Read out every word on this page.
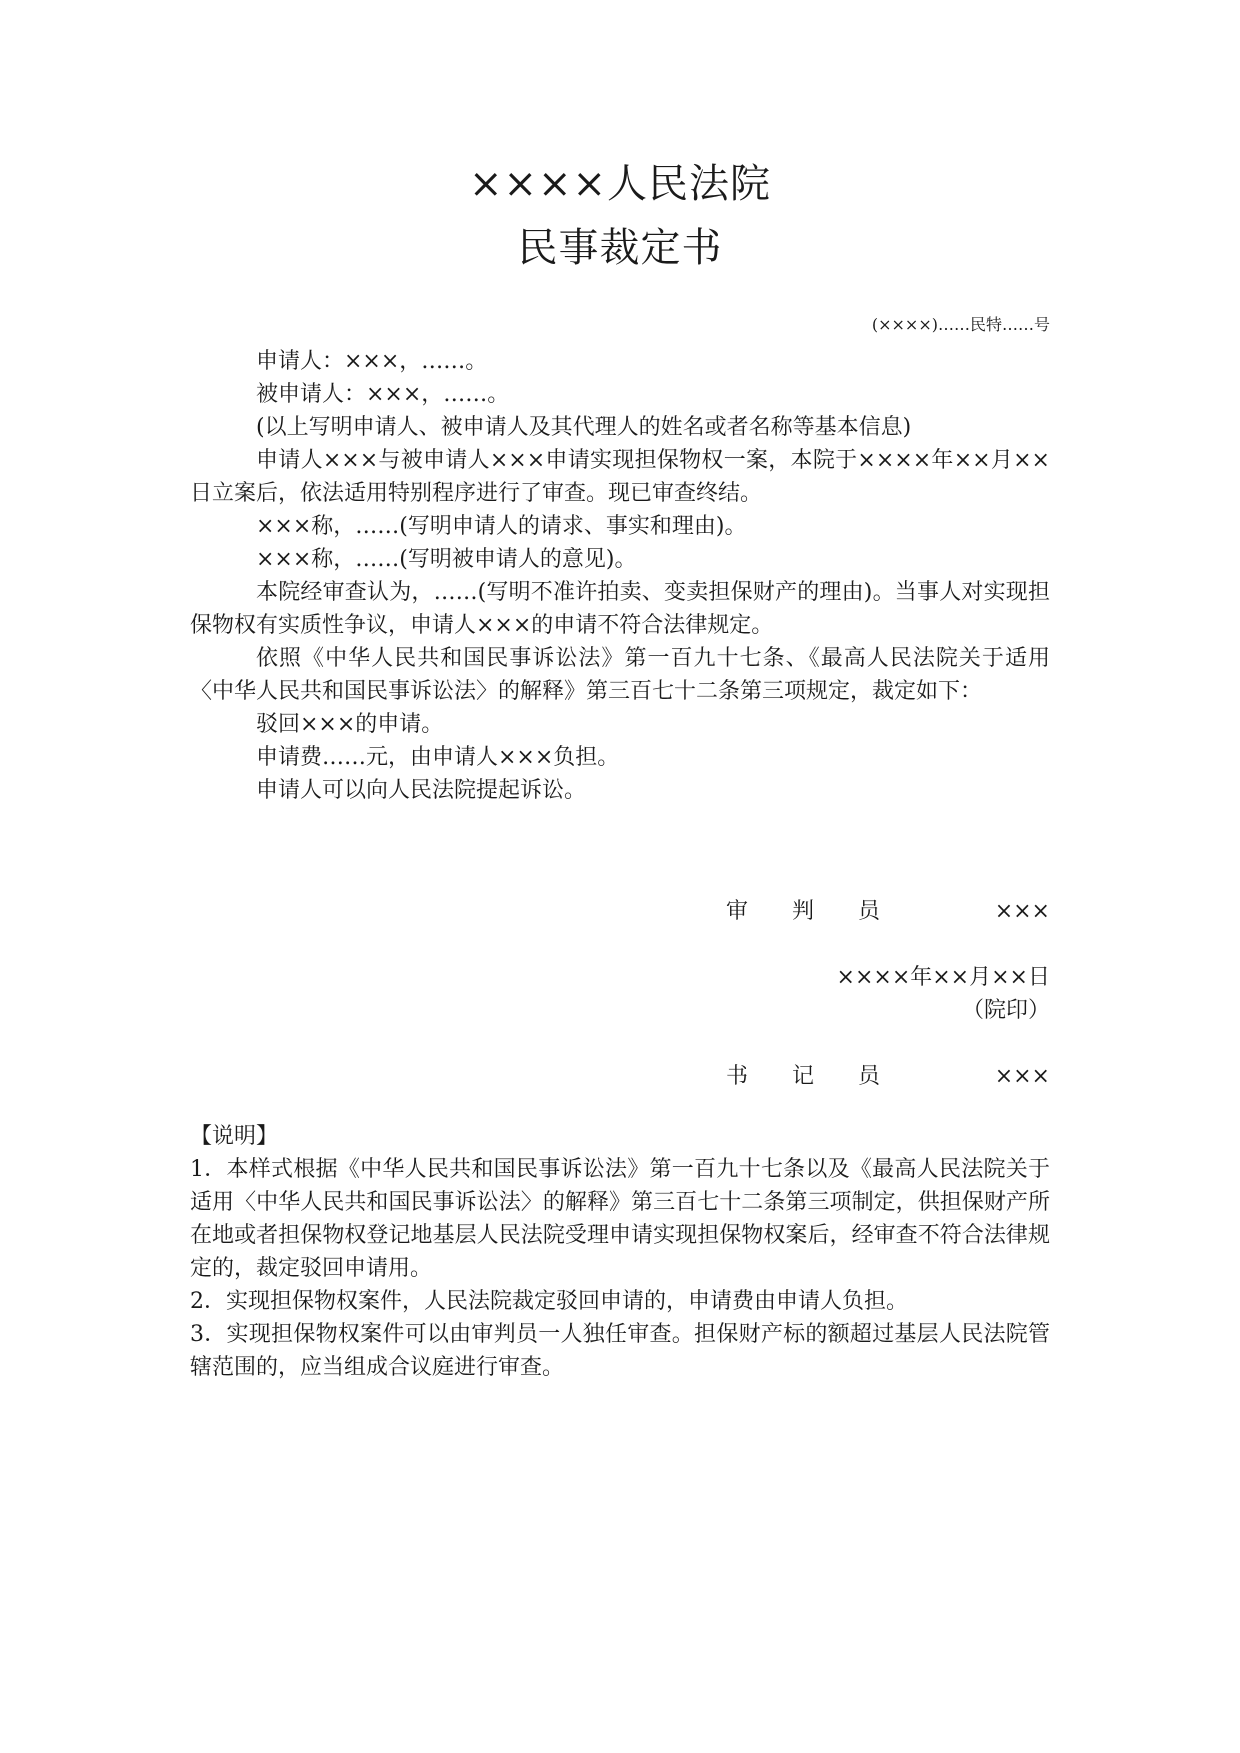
××××人民法院
民事裁定书

(××××)……民特……号

申请人：×××，……。

被申请人：×××，……。

(以上写明申请人、被申请人及其代理人的姓名或者名称等基本信息)

申请人×××与被申请人×××申请实现担保物权一案，本院于××××年××月××日立案后，依法适用特别程序进行了审查。现已审查终结。

×××称，……(写明申请人的请求、事实和理由)。

×××称，……(写明被申请人的意见)。

本院经审查认为，……(写明不准许拍卖、变卖担保财产的理由)。当事人对实现担保物权有实质性争议，申请人×××的申请不符合法律规定。

依照《中华人民共和国民事诉讼法》第一百九十七条、《最高人民法院关于适用〈中华人民共和国民事诉讼法〉的解释》第三百七十二条第三项规定，裁定如下：

驳回×××的申请。

申请费……元，由申请人×××负担。

申请人可以向人民法院提起诉讼。

审 判 员	×××
××××年××月××日
（院印）
书 记 员	×××

【说明】

1．本样式根据《中华人民共和国民事诉讼法》第一百九十七条以及《最高人民法院关于适用〈中华人民共和国民事诉讼法〉的解释》第三百七十二条第三项制定，供担保财产所在地或者担保物权登记地基层人民法院受理申请实现担保物权案后，经审查不符合法律规定的，裁定驳回申请用。

2．实现担保物权案件，人民法院裁定驳回申请的，申请费由申请人负担。

3．实现担保物权案件可以由审判员一人独任审查。担保财产标的额超过基层人民法院管辖范围的，应当组成合议庭进行审查。
